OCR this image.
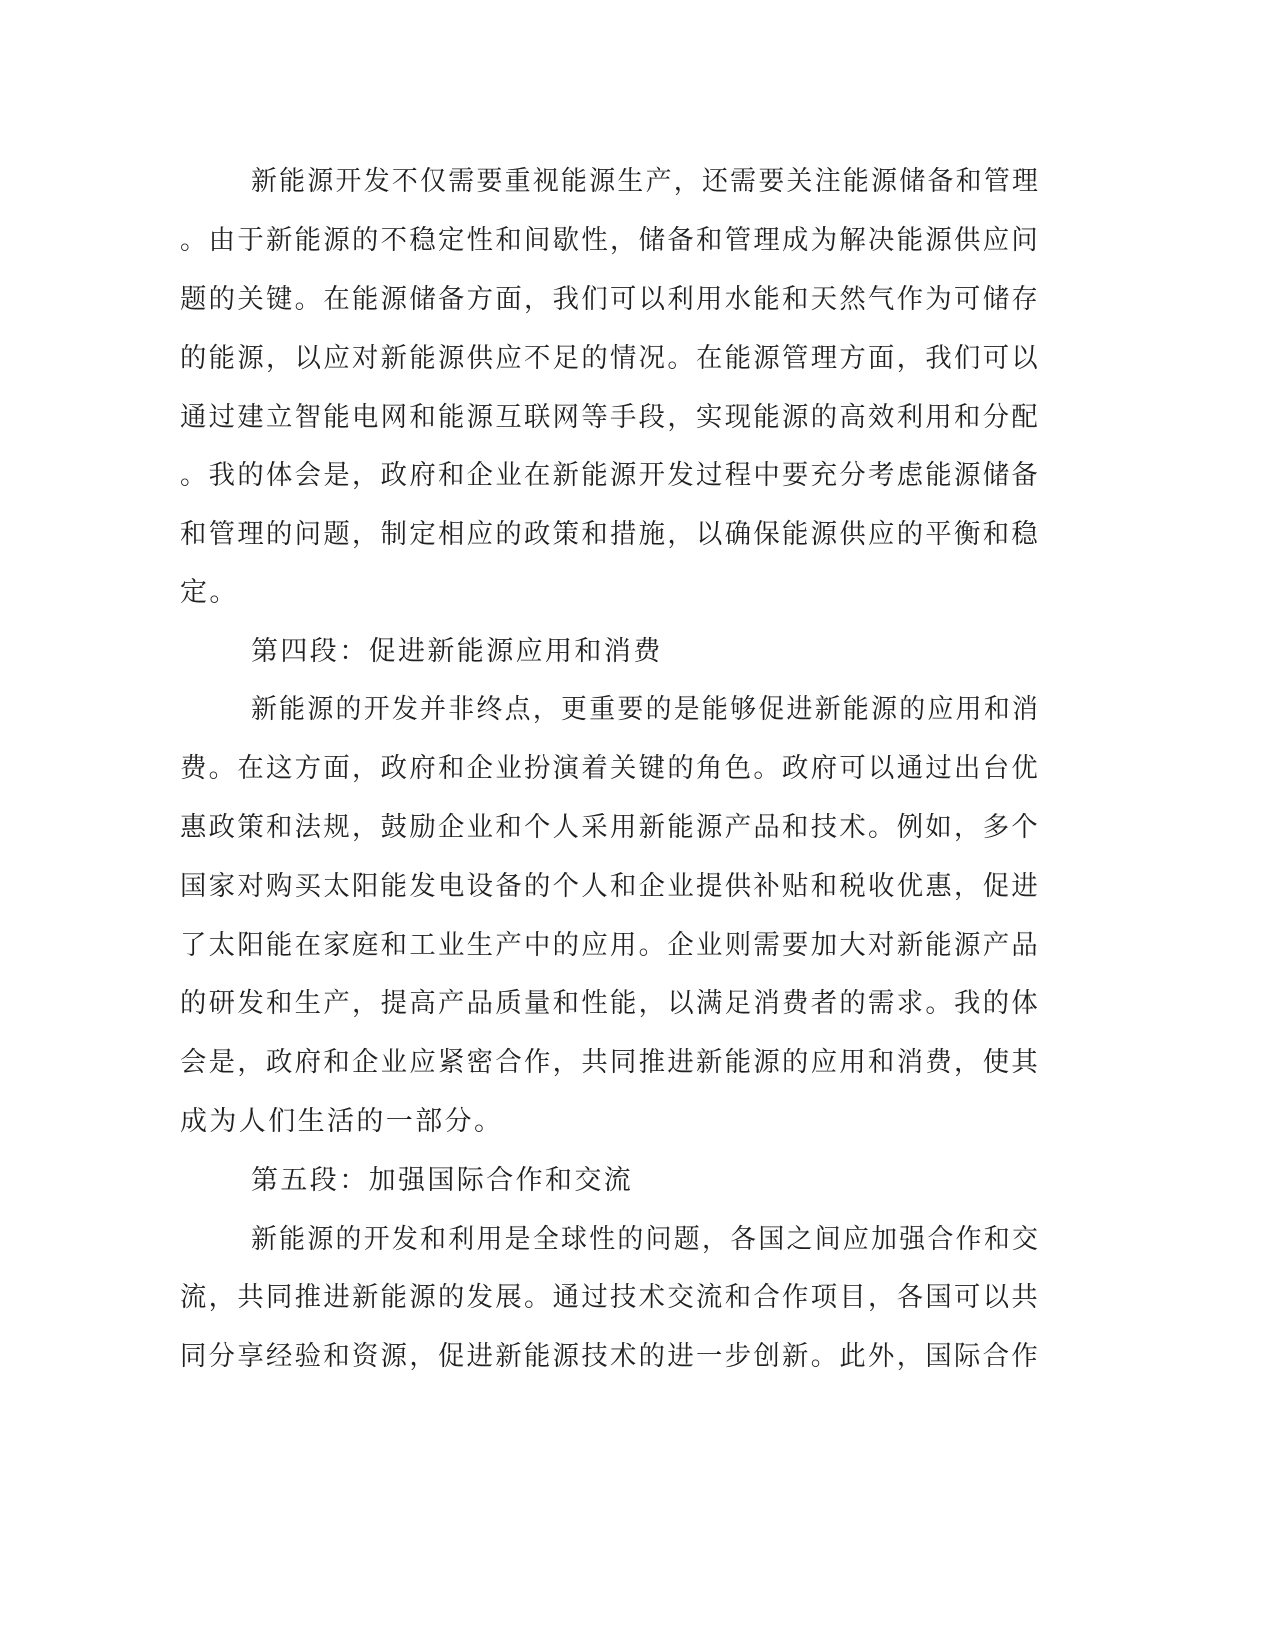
新能源开发不仅需要重视能源生产，还需要关注能源储备和管理
。由于新能源的不稳定性和间歇性，储备和管理成为解决能源供应问
题的关键。在能源储备方面，我们可以利用水能和天然气作为可储存
的能源，以应对新能源供应不足的情况。在能源管理方面，我们可以
通过建立智能电网和能源互联网等手段，实现能源的高效利用和分配
。我的体会是，政府和企业在新能源开发过程中要充分考虑能源储备
和管理的问题，制定相应的政策和措施，以确保能源供应的平衡和稳
定。
第四段：促进新能源应用和消费
新能源的开发并非终点，更重要的是能够促进新能源的应用和消
费。在这方面，政府和企业扮演着关键的角色。政府可以通过出台优
惠政策和法规，鼓励企业和个人采用新能源产品和技术。例如，多个
国家对购买太阳能发电设备的个人和企业提供补贴和税收优惠，促进
了太阳能在家庭和工业生产中的应用。企业则需要加大对新能源产品
的研发和生产，提高产品质量和性能，以满足消费者的需求。我的体
会是，政府和企业应紧密合作，共同推进新能源的应用和消费，使其
成为人们生活的一部分。
第五段：加强国际合作和交流
新能源的开发和利用是全球性的问题，各国之间应加强合作和交
流，共同推进新能源的发展。通过技术交流和合作项目，各国可以共
同分享经验和资源，促进新能源技术的进一步创新。此外，国际合作
